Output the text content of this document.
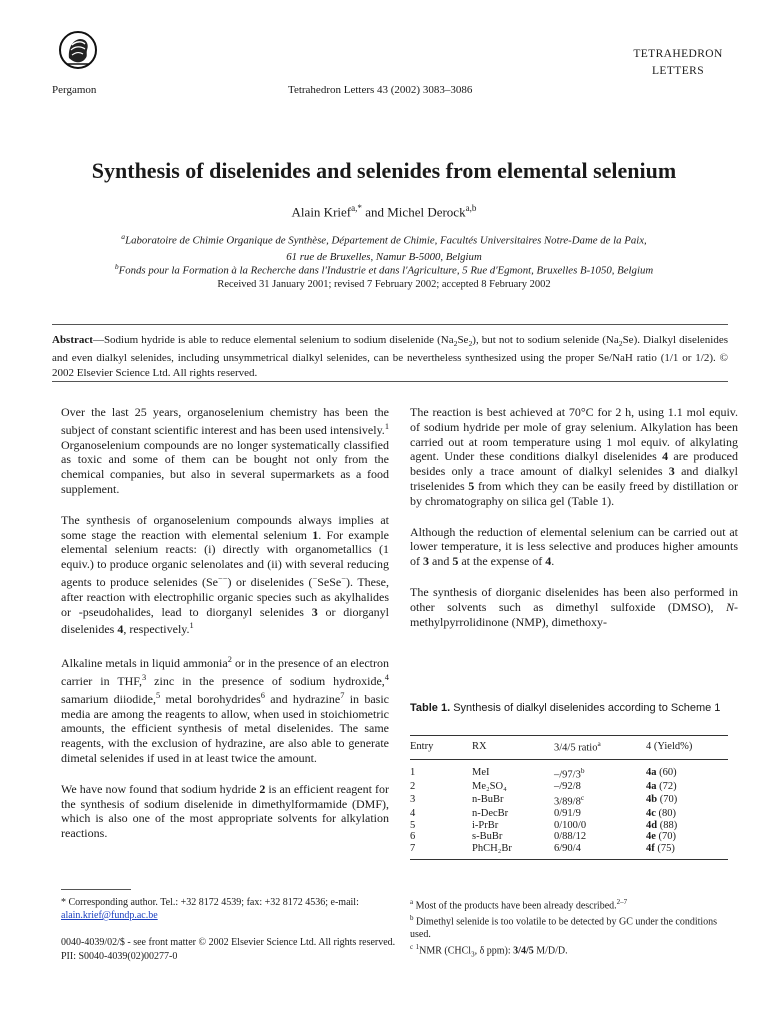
Pergamon	Tetrahedron Letters 43 (2002) 3083–3086
TETRAHEDRON
LETTERS
Synthesis of diselenides and selenides from elemental selenium
Alain Krief$^{a,*}$ and Michel Derock$^{a,b}$
$^a$Laboratoire de Chimie Organique de Synthèse, Département de Chimie, Facultés Universitaires Notre-Dame de la Paix,
61 rue de Bruxelles, Namur B-5000, Belgium
$^b$Fonds pour la Formation à la Recherche dans l'Industrie et dans l'Agriculture, 5 Rue d'Egmont, Bruxelles B-1050, Belgium
Received 31 January 2001; revised 7 February 2002; accepted 8 February 2002
Abstract—Sodium hydride is able to reduce elemental selenium to sodium diselenide $(Na_2Se_2)$, but not to sodium selenide $(Na_2Se)$. Dialkyl diselenides and even dialkyl selenides, including unsymmetrical dialkyl selenides, can be nevertheless synthesized using the proper Se/NaH ratio (1/1 or 1/2). © 2002 Elsevier Science Ltd. All rights reserved.

Over the last 25 years, organoselenium chemistry has been the subject of constant scientific interest and has been used intensively.$^1$ Organoselenium compounds are no longer systematically classified as toxic and some of them can be bought not only from the chemical companies, but also in several supermarkets as a food supplement.

The synthesis of organoselenium compounds always implies at some stage the reaction with elemental selenium 1. For example elemental selenium reacts: (i) directly with organometallics (1 equiv.) to produce organic selenolates and (ii) with several reducing agents to produce selenides (Se−−) or diselenides (−SeSe−). These, after reaction with electrophilic organic species such as akylhalides or -pseudohalides, lead to diorganyl selenides 3 or diorganyl diselenides 4, respectively.$^1$

Alkaline metals in liquid ammonia$^2$ or in the presence of an electron carrier in THF,$^3$ zinc in the presence of sodium hydroxide,$^4$ samarium diiodide,$^5$ metal borohydrides$^6$ and hydrazine$^7$ in basic media are among the reagents to allow, when used in stoichiometric amounts, the efficient synthesis of metal diselenides. The same reagents, with the exclusion of hydrazine, are also able to generate dimetal selenides if used in at least twice the amount.

We have now found that sodium hydride 2 is an efficient reagent for the synthesis of sodium diselenide in dimethylformamide (DMF), which is also one of the most appropriate solvents for alkylation reactions.

The reaction is best achieved at 70°C for 2 h, using 1.1 mol equiv. of sodium hydride per mole of gray selenium. Alkylation has been carried out at room temperature using 1 mol equiv. of alkylating agent. Under these conditions dialkyl diselenides 4 are produced besides only a trace amount of dialkyl selenides 3 and dialkyl triselenides 5 from which they can be easily freed by distillation or by chromatography on silica gel (Table 1).

Although the reduction of elemental selenium can be carried out at lower temperature, it is less selective and produces higher amounts of 3 and 5 at the expense of 4.

The synthesis of diorganic diselenides has been also performed in other solvents such as dimethyl sulfoxide (DMSO), N-methylpyrrolidinone (NMP), dimethoxy-

Table 1. Synthesis of dialkyl diselenides according to Scheme 1
Entry	RX	3/4/5 ratio$^a$	4 (Yield%)
1	MeI	–/97/3$^b$	4a (60)
2	Me₂SO₄	–/92/8	4a (72)
3	n-BuBr	3/89/8$^c$	4b (70)
4	n-DecBr	0/91/9	4c (80)
5	i-PrBr	0/100/0	4d (88)
6	s-BuBr	0/88/12	4e (70)
7	PhCH₂Br	6/90/4	4f (75)
$^a$ Most of the products have been already described.$^{2-7}$
$^b$ Dimethyl selenide is too volatile to be detected by GC under the conditions used.
$^c$ $^1$NMR (CHCl$_3$, δ ppm): 3/4/5 M/D/D.
* Corresponding author. Tel.: +32 8172 4539; fax: +32 8172 4536; e-mail: alain.krief@fundp.ac.be
0040-4039/02/$ - see front matter © 2002 Elsevier Science Ltd. All rights reserved.
PII: S0040-4039(02)00277-0
